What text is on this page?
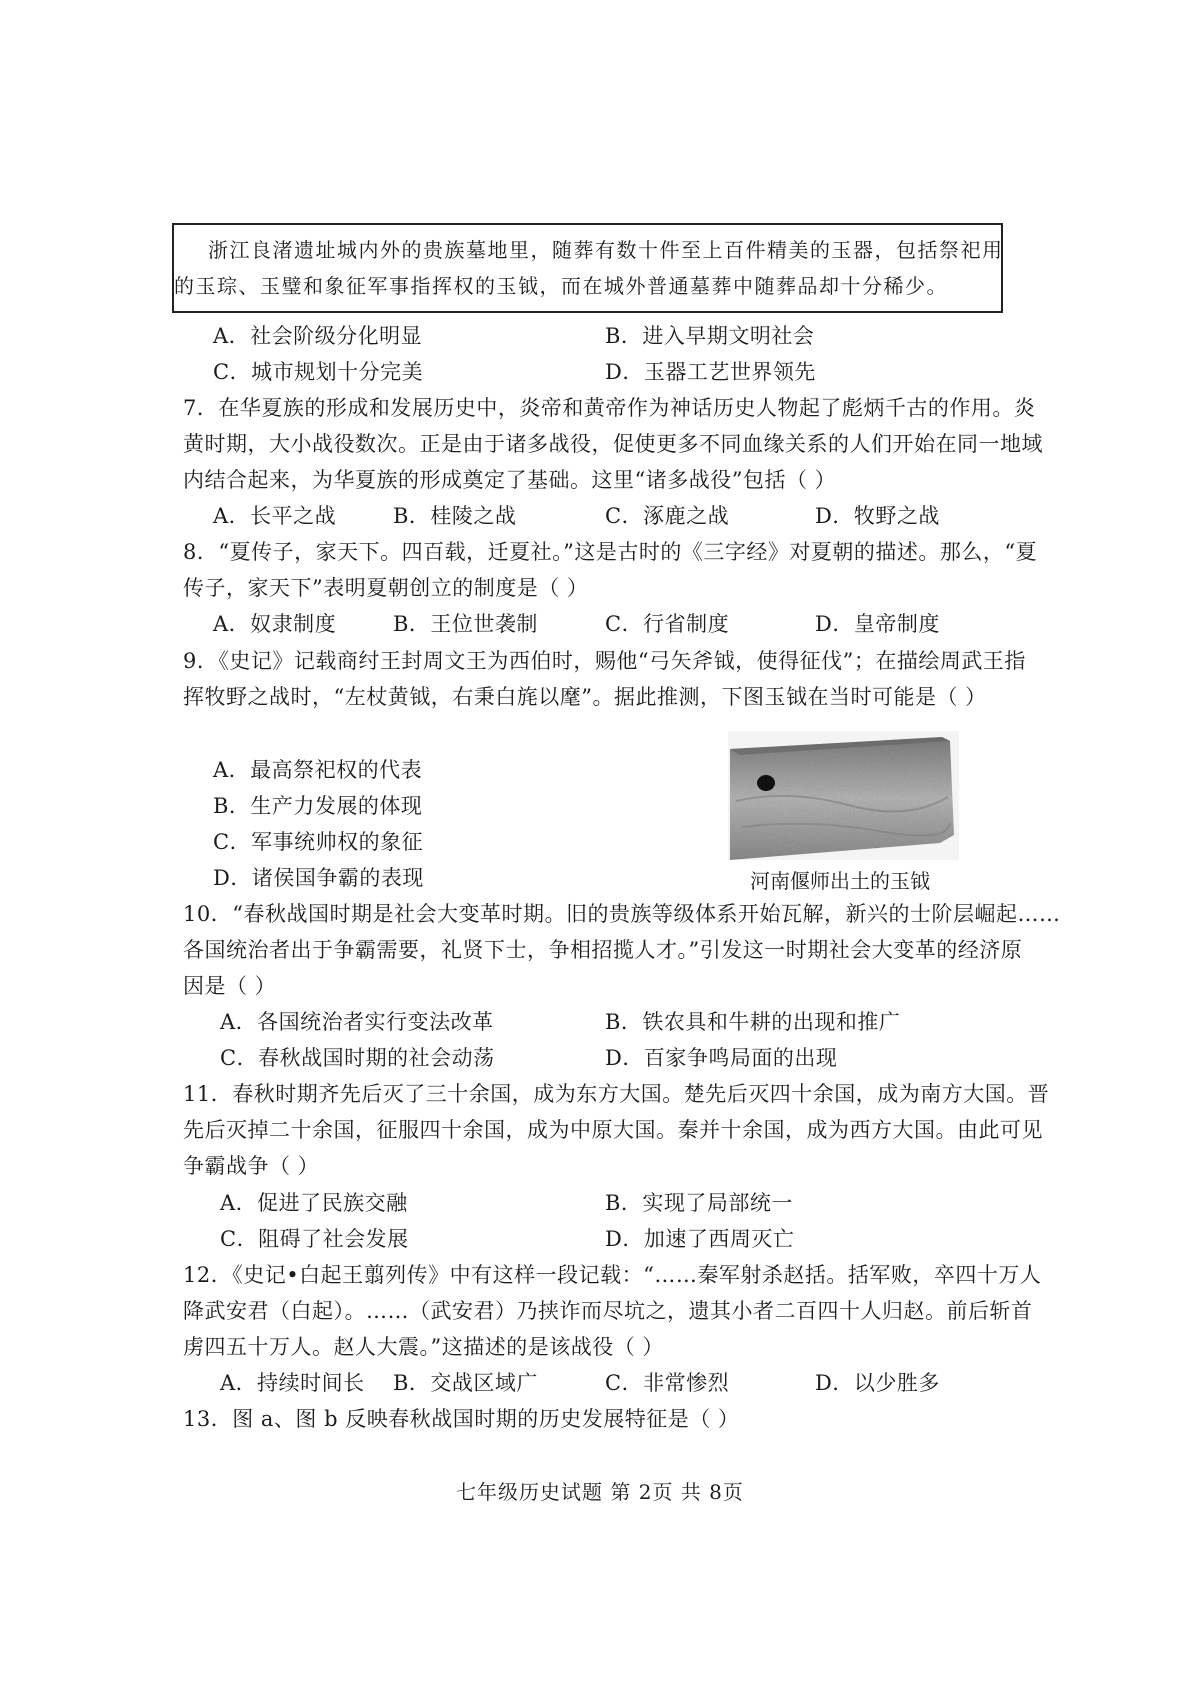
浙江良渚遗址城内外的贵族墓地里，随葬有数十件至上百件精美的玉器，包括祭祀用
的玉琮、玉璧和象征军事指挥权的玉钺，而在城外普通墓葬中随葬品却十分稀少。
A．社会阶级分化明显	B．进入早期文明社会
C．城市规划十分完美	D．玉器工艺世界领先
7．在华夏族的形成和发展历史中，炎帝和黄帝作为神话历史人物起了彪炳千古的作用。炎
黄时期，大小战役数次。正是由于诸多战役，促使更多不同血缘关系的人们开始在同一地域
内结合起来，为华夏族的形成奠定了基础。这里“诸多战役”包括（ ）
A．长平之战	B．桂陵之战	C．涿鹿之战	D．牧野之战
8．“夏传子，家天下。四百载，迁夏社。”这是古时的《三字经》对夏朝的描述。那么，“夏
传子，家天下”表明夏朝创立的制度是（ ）
A．奴隶制度	B．王位世袭制	C．行省制度	D．皇帝制度
9．《史记》记载商纣王封周文王为西伯时，赐他“弓矢斧钺，使得征伐”；在描绘周武王指
挥牧野之战时，“左杖黄钺，右秉白旄以麾”。据此推测，下图玉钺在当时可能是（ ）
A．最高祭祀权的代表
B．生产力发展的体现
C．军事统帅权的象征
D．诸侯国争霸的表现	河南偃师出土的玉钺
10．“春秋战国时期是社会大变革时期。旧的贵族等级体系开始瓦解，新兴的士阶层崛起……
各国统治者出于争霸需要，礼贤下士，争相招揽人才。”引发这一时期社会大变革的经济原
因是（ ）
A．各国统治者实行变法改革	B．铁农具和牛耕的出现和推广
C．春秋战国时期的社会动荡	D．百家争鸣局面的出现
11．春秋时期齐先后灭了三十余国，成为东方大国。楚先后灭四十余国，成为南方大国。晋
先后灭掉二十余国，征服四十余国，成为中原大国。秦并十余国，成为西方大国。由此可见
争霸战争（ ）
A．促进了民族交融	B．实现了局部统一
C．阻碍了社会发展	D．加速了西周灭亡
12．《史记•白起王翦列传》中有这样一段记载：“……秦军射杀赵括。括军败，卒四十万人
降武安君（白起）。……（武安君）乃挟诈而尽坑之，遗其小者二百四十人归赵。前后斩首
虏四五十万人。赵人大震。”这描述的是该战役（ ）
A．持续时间长 B．交战区域广	C．非常惨烈	D．以少胜多
13．图 a、图 b 反映春秋战国时期的历史发展特征是（ ）
七年级历史试题 第 2页 共 8页
